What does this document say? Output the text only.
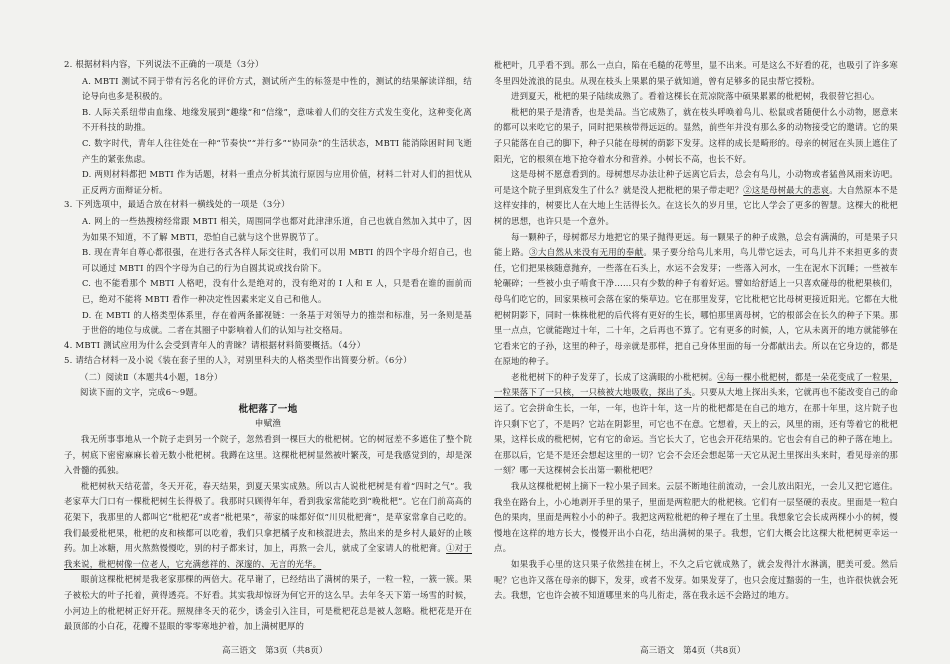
2. 根据材料内容，下列说法不正确的一项是（3分）

A. MBTI 测试不同于带有污名化的评价方式，测试所产生的标签是中性的，测试的结果解读详细，结论导向也多是积极的。

B. 人际关系纽带由血缘、地缘发展到“趣缘”和“信缘”，意味着人们的交往方式发生变化，这种变化离不开科技的助推。

C. 数字时代，青年人往往处在一种“节奏快”“并行多”“协同杂”的生活状态，MBTI 能消除困时间飞逝产生的紧张焦虑。

D. 两则材料都把 MBTI 作为话题，材料一重点分析其流行原因与应用价值，材料二针对人们的担忧从正反两方面辩证分析。

3. 下列选项中，最适合放在材料一横线处的一项是（3分）

A. 网上的一些热搜榜经常跟 MBTI 相关，周围同学也都对此津津乐道，自己也就自然加入其中了，因为如果不知道，不了解 MBTI，恐怕自己就与这个世界脱节了。

B. 现在青年自尊心都很强，在进行各式各样人际交往时，我们可以用 MBTI 的四个字母介绍自己，也可以通过 MBTI 的四个字母为自己的行为自圆其说或找台阶下。

C. 也不能看那个 MBTI 人格吧，没有什么是绝对的，没有绝对的 I 人和 E 人，只是看在谁的面前而已，绝对不能将 MBTI 看作一种决定性因素来定义自己和他人。

D. 在 MBTI 的人格类型体系里，存在着两条鄙视链：一条基于对领导力的推崇和标准，另一条则是基于世俗的地位与成就。二者在其圈子中影响着人们的认知与社交格局。

4. MBTI 测试应用为什么会受到青年人的青睐？请根据材料简要概括。（4分）

5. 请结合材料一及小说《装在套子里的人》，对别里科夫的人格类型作出简要分析。（6分）

（二）阅读Ⅱ（本题共4小题，18分）

阅读下面的文字，完成6～9题。

枇杷落了一地

申赋渔

我无所事事地从一个院子走到另一个院子，忽然看到一棵巨大的枇杷树。它的树冠差不多遮住了整个院子，树底下密密麻麻长着无数小枇杷树。我蹲在这里。这棵枇杷树显然被叶繁茂，可是我感觉到的，却是深入骨髓的孤独。

枇杷树秋天结花蕾，冬天开花，春天结果，到夏天果实成熟。所以古人说枇杷树是有着“四时之气”。我老家草大门口有一棵枇杷树生长得极了。我那时只顾得年年，看到我家常能吃到“晚枇杷”。它在门前高高的花架下，我那里的人都叫它“枇杷花”或者“枇杷果”，蒂家的味都好似“川贝枇杷膏”，是草家常拿自己吃的。我们最爱枇杷果，枇杷的皮和核都可以吃着，我们只拿把橘子皮和核混进去，熬出来的是乡村人最好的止咳药。加上冰糖，用火熬熬慢慢吃，别的村子都来讨，加上，再熬一会儿，就成了全家请人的枇杷膏。①对于我来说，枇杷树像一位老人，它充满慈祥的、深邃的、无言的光华。

眼前这棵枇杷树是我老家那棵的两倍大。花早谢了，已经结出了满树的果子，一粒一粒，一簇一簇。果子被松大的叶子托着，黄得透亮。不好看。其实我却惊讶为何它开的这么早。去年冬天下第一场雪的时候，小河边上的枇杷树正好开花。照规律冬天的花少，诱金引入注目，可是枇杷花总是被人忽略。枇杷花是开在最顶部的小白花，花瓣不显眼的零零寒地护着，加上满树肥厚的

枇杷叶，几乎看不到。那么一点白，陷在毛糙的花萼里，显不出来。可是这么不好看的花，也吸引了许多寒冬里四处流浪的昆虫。从现在枝头上果累的果子就知道，曾有足够多的昆虫帮它授粉。

进到夏天，枇杷的果子陆续成熟了。看着这棵长在荒凉院落中硕果累累的枇杷树，我很替它担心。

枇杷的果子是清香，也是美品。当它成熟了，就在枝头呼唤着鸟儿、松鼠或者随便什么小动物，愿意来的都可以来吃它的果子，同时把果核带得远远的。显然，前些年并没有那么多的动物接受它的邀请。它的果子只能落在自己的脚下，种子只能在母树的荫影下发芽。这样的成长是畸形的。母亲的树冠在头顶上遮住了阳光，它的根须在地下抢夺着水分和营养。小树长不高，也长不好。

这是母树不愿意看到的。母树想尽办法让种子远离它后去，总会有鸟儿，小动物或者猛兽风雨来访吧。可是这个院子里到底发生了什么？就是没人把枇杷的果子带走吧？②这是母树最大的悲哀。大自然原本不是这样安排的，树要比人在大地上生活得长久。在这长久的岁月里，它比人学会了更多的智慧。这棵大的枇杷树的思想，也许只是一个意外。

每一颗种子，母树都尽力地把它的果子抛得更远。每一颗果子的种子成熟，总会有满满的，可是果子只能上路。③大自然从来没有无用的奉献。果子要分给鸟儿来用，鸟儿带它远去，可鸟儿并不来担更多的责任，它们把果核随意抛弃，一些落在石头上，水运不会发芽；一些落入河水，一生在泥水下沉睡；一些被车轮碾碎；一些被小虫子啃食干净……只有少数的种子有着好运。譬如给舒适上一只喜欢碰母的枇杷果核们，母鸟们吃它的，回家果核可会落在家的柴草边。它在那里发芽，它比枇杷它比母树更接近阳光。它都在大枇杷树阴影下，同时一株株枇杷的后代将有更好的生长，哪怕那里离母树，它的根部会在长久的种子下果。那里一点点，它就能跑过十年，二十年，之后再也不算了。它有更多的时候，人，它从未离开的地方就能够在它看来它的子孙，这里的种子，母亲就是那样，把自己身体里面的每一分都献出去。所以在它身边的，都是在原地的种子。

老枇杷树下的种子发芽了，长成了这满眼的小枇杷树。④每一棵小枇杷树，都是一朵花变成了一粒果，一粒果落下了一只核，一只核被大地吸收，探出了头。只要从大地上探出头来，它就再也不能改变自己的命运了。它会拼命生长，一年，一年，也许十年，这一片的枇杷都是在自己的地方，在那十年里，这片院子也许只剩下它了，不是吗？它站在阴影里，可它也不在意。它想着，天上的云，风里的雨，还有等着它的枇杷果，这样长成的枇杷树，它有它的命运。当它长大了，它也会开花结果的。它也会有自己的种子落在地上。在那以后，它是不是还会想起这里的一切？它会不会还会想起第一天它从泥土里探出头来时，看见母亲的那一刻？哪一天这棵树会长出第一颗枇杷吧？

我从这棵枇杷树上摘下一粒小果子回来。云层不断地往前流动，一会儿放出阳光，一会儿又把它遮住。我坐在路台上，小心地剥开手里的果子，里面是两粒肥大的枇杷核。它们有一层坚硬的表皮。里面是一粒白色的果肉，里面是两粒小小的种子。我把这两粒枇杷的种子埋在了土里。我想象它会长成两棵小小的树，慢慢地在这样的地方长大，慢慢开出小白花，结出满树的果子。我想，它们大概会比这棵大枇杷树更幸运一点。

如果我手心里的这只果子依然挂在树上，不久之后它就成熟了，就会发得汁水淋漓，肥美可爱。然后呢？它也许又落在母亲的脚下，发芽，或者不发芽。如果发芽了，也只会度过黯弱的一生，也许很快就会死去。我想，它也许会被不知道哪里来的鸟儿衔走，落在我永远不会路过的地方。

高三语文　第3页（共8页）	高三语文　第4页（共8页）
